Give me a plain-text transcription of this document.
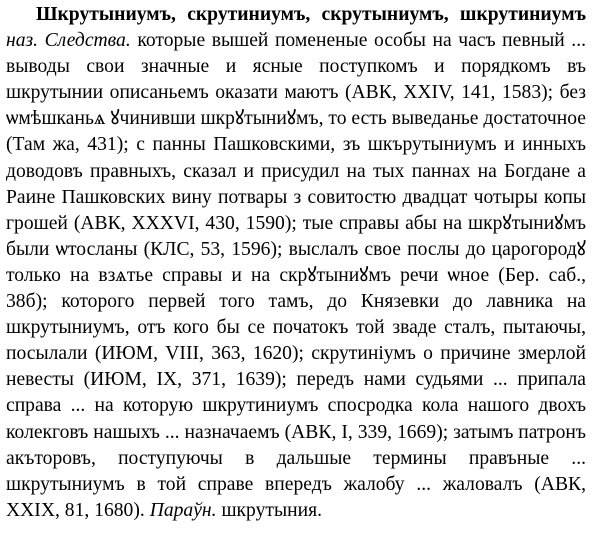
Шкрутыниумъ, скрутиниумъ, скрутыниумъ, шкрутиниумъ наз. Следства. которые вышей помененые особы на часъ певный ... выводы свои значные и ясные поступкомъ и порядкомъ въ шкрутынии описаньемъ оказати маютъ (АВК, XXIV, 141, 1583); без ѡмѣшканьѧ ꙋчинивши шкрꙋтыниꙋмъ, то есть выведанье достаточное (Там жа, 431); с панны Пашковскими, зъ шкърутыниумъ и инныхъ доводовъ правныхъ, сказал и присудил на тых паннах на Богдане а Раине Пашковских вину потвары з совитостю двадцат чотыры копы грошей (АВК, XXXVI, 430, 1590); тые справы абы на шкрꙋтыниꙋмъ были ѡтосланы (КЛС, 53, 1596); выслалъ свое послы до царогородꙋ только на взѧтье справы и на скрꙋтыниꙋмъ речи ѡное (Бер. саб., 38б); которого первей того тамъ, до Князевки до лавника на шкрутыниумъ, отъ кого бы се початокъ той зваде сталъ, пытаючы, посылали (ИЮМ, VIII, 363, 1620); скрутиніумъ о причине змерлой невесты (ИЮМ, IX, 371, 1639); передъ нами судьями ... припала справа ... на которую шкрутиниумъ спосродка кола нашого двохъ колекговъ нашыхъ ... назначаемъ (АВК, I, 339, 1669); затымъ патронъ акъторовъ, поступуючы в дальшые термины правъные ... шкрутыниумъ в той справе впередъ жалобу ... жаловалъ (АВК, XXIX, 81, 1680). Параўн. шкрутыния.
